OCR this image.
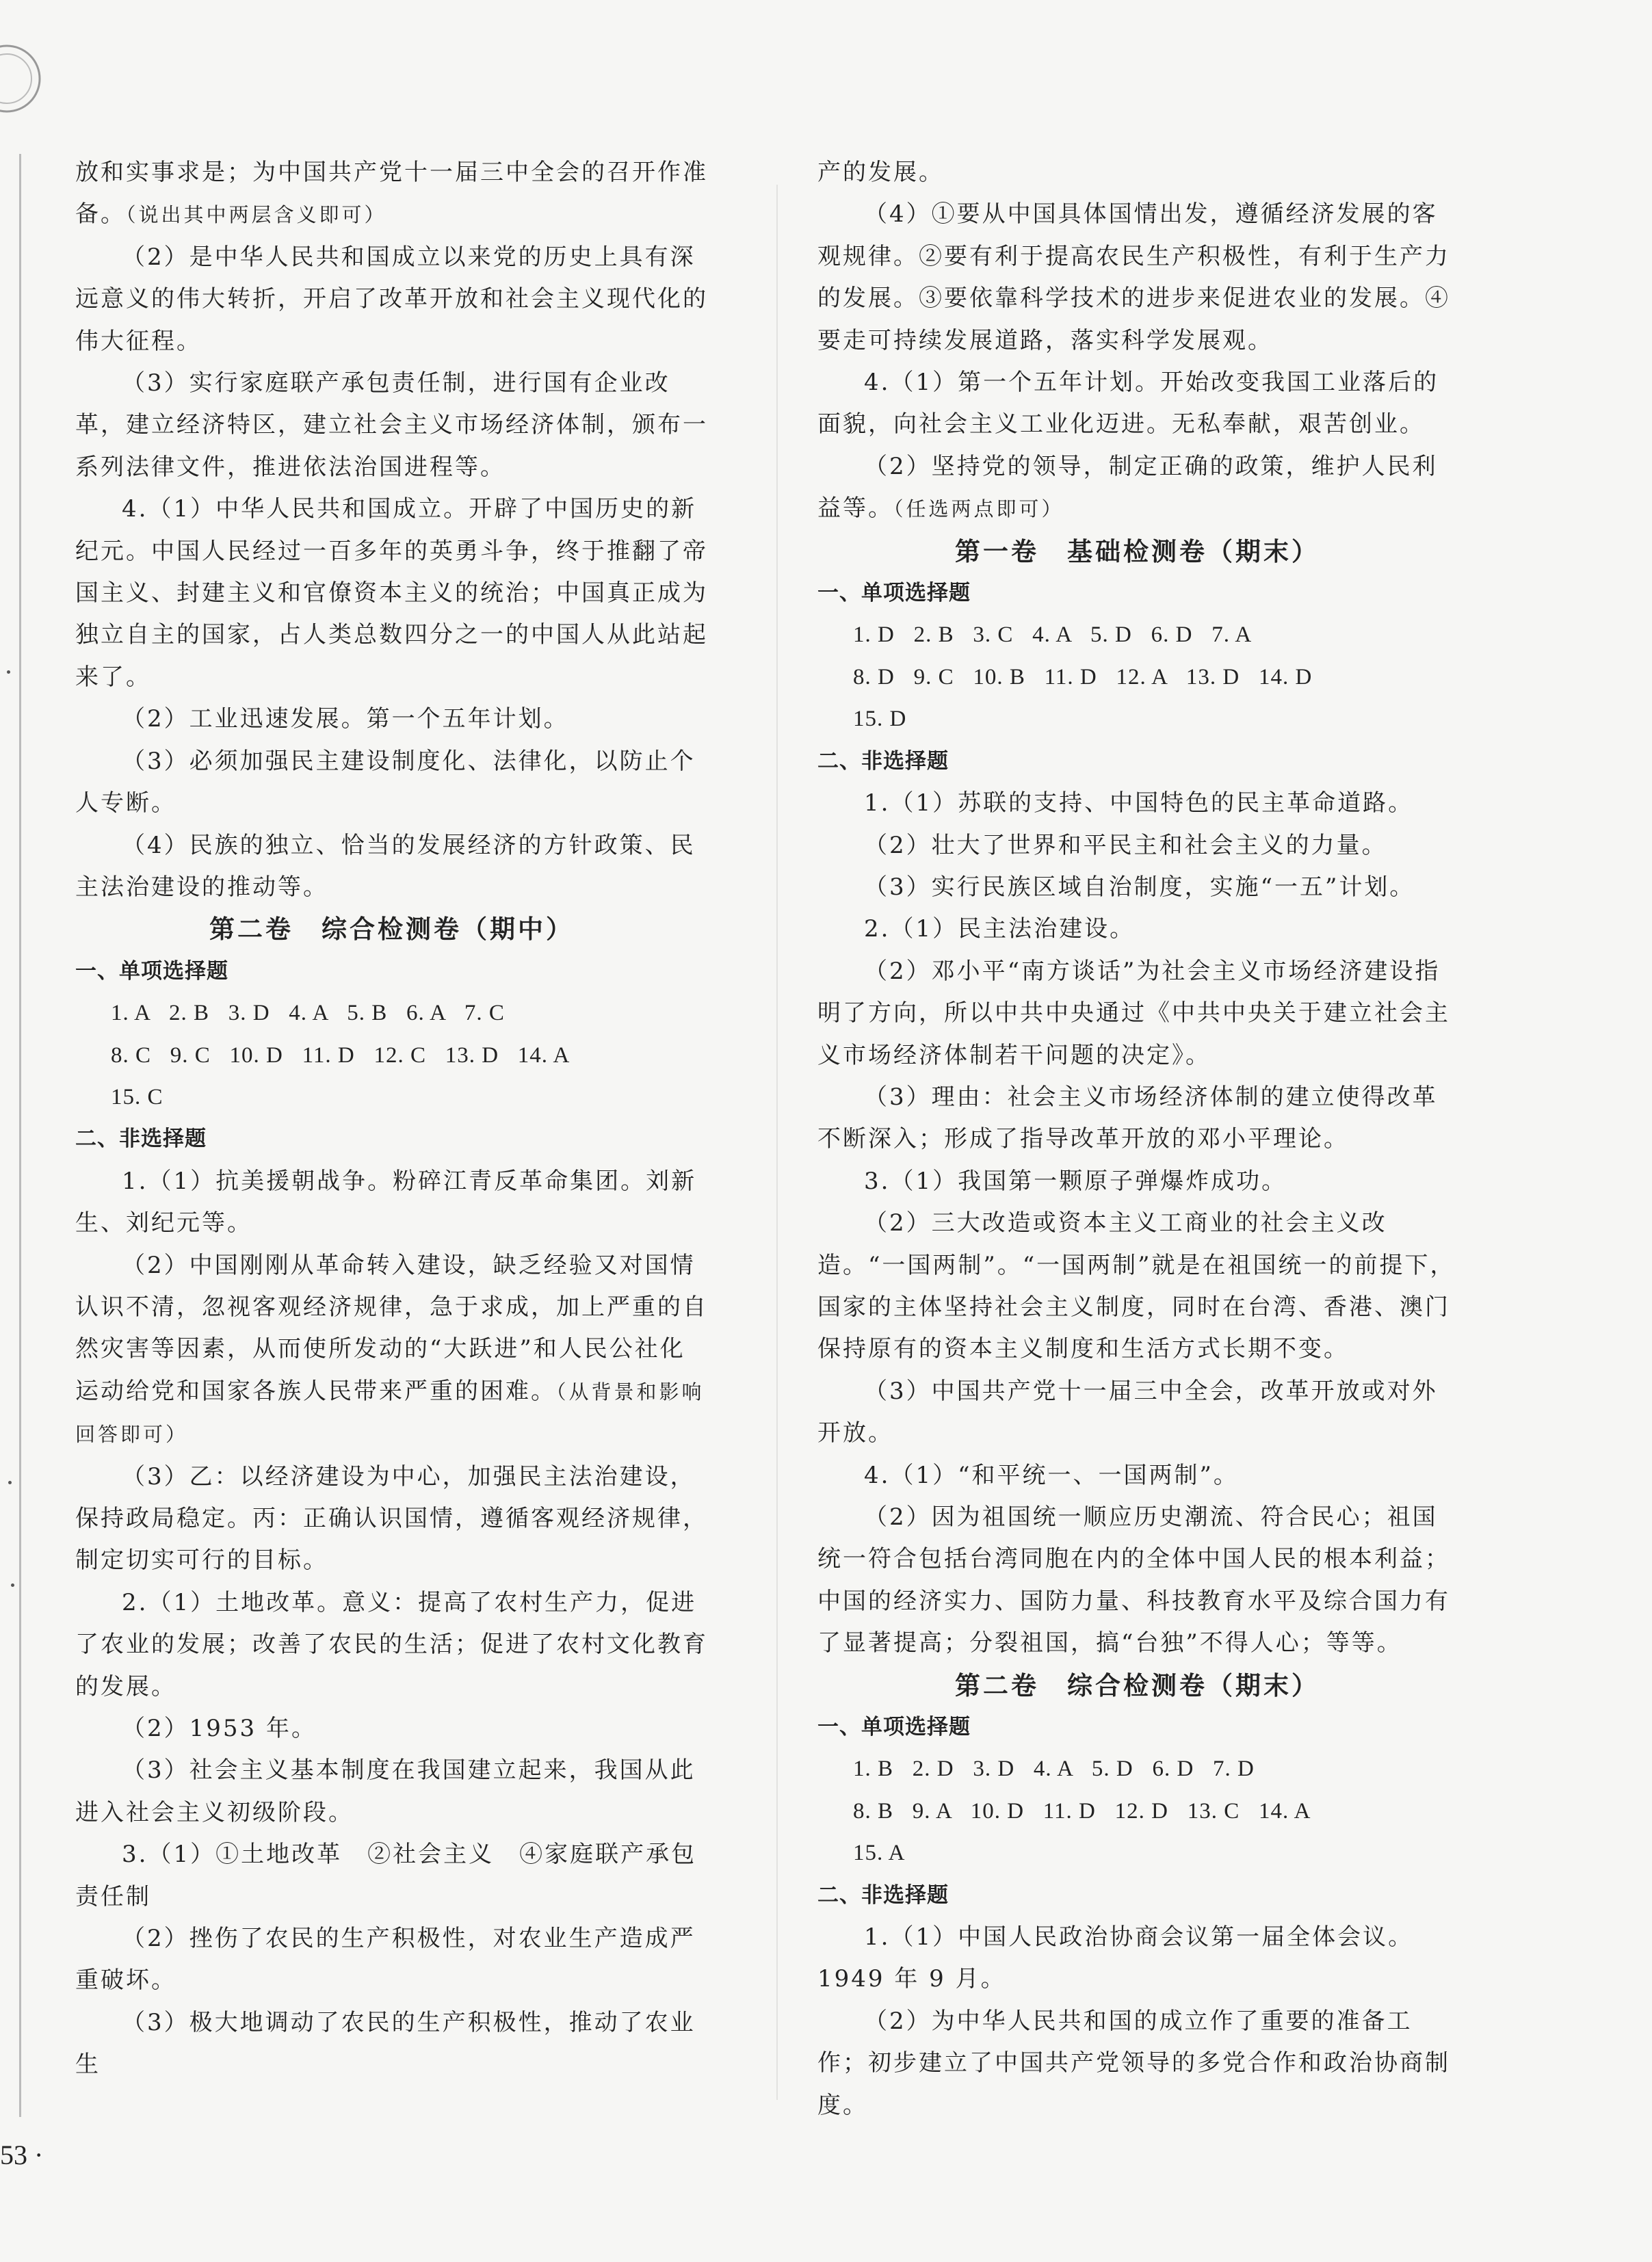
放和实事求是；为中国共产党十一届三中全会的召开作准备。（说出其中两层含义即可）

（2）是中华人民共和国成立以来党的历史上具有深远意义的伟大转折，开启了改革开放和社会主义现代化的伟大征程。

（3）实行家庭联产承包责任制，进行国有企业改革，建立经济特区，建立社会主义市场经济体制，颁布一系列法律文件，推进依法治国进程等。

4.（1）中华人民共和国成立。开辟了中国历史的新纪元。中国人民经过一百多年的英勇斗争，终于推翻了帝国主义、封建主义和官僚资本主义的统治；中国真正成为独立自主的国家，占人类总数四分之一的中国人从此站起来了。

（2）工业迅速发展。第一个五年计划。

（3）必须加强民主建设制度化、法律化，以防止个人专断。

（4）民族的独立、恰当的发展经济的方针政策、民主法治建设的推动等。

第二卷　综合检测卷（期中）

一、单项选择题

1. A   2. B   3. D   4. A   5. B   6. A   7. C

8. C   9. C   10. D   11. D   12. C   13. D   14. A

15. C

二、非选择题

1.（1）抗美援朝战争。粉碎江青反革命集团。刘新生、刘纪元等。

（2）中国刚刚从革命转入建设，缺乏经验又对国情认识不清，忽视客观经济规律，急于求成，加上严重的自然灾害等因素，从而使所发动的“大跃进”和人民公社化运动给党和国家各族人民带来严重的困难。（从背景和影响回答即可）

（3）乙：以经济建设为中心，加强民主法治建设，保持政局稳定。丙：正确认识国情，遵循客观经济规律，制定切实可行的目标。

2.（1）土地改革。意义：提高了农村生产力，促进了农业的发展；改善了农民的生活；促进了农村文化教育的发展。

（2）1953 年。

（3）社会主义基本制度在我国建立起来，我国从此进入社会主义初级阶段。

3.（1）①土地改革　②社会主义　④家庭联产承包责任制

（2）挫伤了农民的生产积极性，对农业生产造成严重破坏。

（3）极大地调动了农民的生产积极性，推动了农业生

产的发展。

（4）①要从中国具体国情出发，遵循经济发展的客观规律。②要有利于提高农民生产积极性，有利于生产力的发展。③要依靠科学技术的进步来促进农业的发展。④要走可持续发展道路，落实科学发展观。

4.（1）第一个五年计划。开始改变我国工业落后的面貌，向社会主义工业化迈进。无私奉献，艰苦创业。

（2）坚持党的领导，制定正确的政策，维护人民利益等。（任选两点即可）

第一卷　基础检测卷（期末）

一、单项选择题

1. D   2. B   3. C   4. A   5. D   6. D   7. A

8. D   9. C   10. B   11. D   12. A   13. D   14. D

15. D

二、非选择题

1.（1）苏联的支持、中国特色的民主革命道路。

（2）壮大了世界和平民主和社会主义的力量。

（3）实行民族区域自治制度，实施“一五”计划。

2.（1）民主法治建设。

（2）邓小平“南方谈话”为社会主义市场经济建设指明了方向，所以中共中央通过《中共中央关于建立社会主义市场经济体制若干问题的决定》。

（3）理由：社会主义市场经济体制的建立使得改革不断深入；形成了指导改革开放的邓小平理论。

3.（1）我国第一颗原子弹爆炸成功。

（2）三大改造或资本主义工商业的社会主义改造。“一国两制”。“一国两制”就是在祖国统一的前提下，国家的主体坚持社会主义制度，同时在台湾、香港、澳门保持原有的资本主义制度和生活方式长期不变。

（3）中国共产党十一届三中全会，改革开放或对外开放。

4.（1）“和平统一、一国两制”。

（2）因为祖国统一顺应历史潮流、符合民心；祖国统一符合包括台湾同胞在内的全体中国人民的根本利益；中国的经济实力、国防力量、科技教育水平及综合国力有了显著提高；分裂祖国，搞“台独”不得人心；等等。

第二卷　综合检测卷（期末）

一、单项选择题

1. B   2. D   3. D   4. A   5. D   6. D   7. D

8. B   9. A   10. D   11. D   12. D   13. C   14. A

15. A

二、非选择题

1.（1）中国人民政治协商会议第一届全体会议。1949 年 9 月。

（2）为中华人民共和国的成立作了重要的准备工作；初步建立了中国共产党领导的多党合作和政治协商制度。

53 ·
